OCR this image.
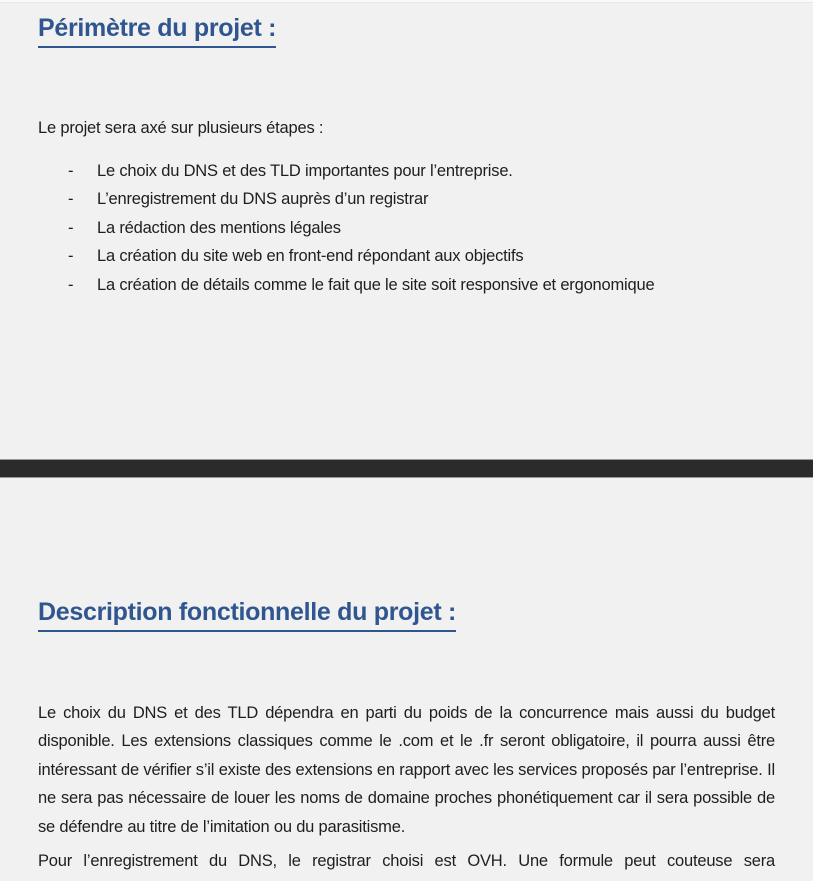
Périmètre du projet :

Le projet sera axé sur plusieurs étapes :

-	Le choix du DNS et des TLD importantes pour l’entreprise.
-	L’enregistrement du DNS auprès d’un registrar
-	La rédaction des mentions légales
-	La création du site web en front-end répondant aux objectifs
-	La création de détails comme le fait que le site soit responsive et ergonomique
Description fonctionnelle du projet :

Le choix du DNS et des TLD dépendra en parti du poids de la concurrence mais aussi du budget disponible. Les extensions classiques comme le .com et le .fr seront obligatoire, il pourra aussi être intéressant de vérifier s’il existe des extensions en rapport avec les services proposés par l’entreprise. Il ne sera pas nécessaire de louer les noms de domaine proches phonétiquement car il sera possible de se défendre au titre de l’imitation ou du parasitisme.

Pour l’enregistrement du DNS, le registrar choisi est OVH. Une formule peut couteuse sera
